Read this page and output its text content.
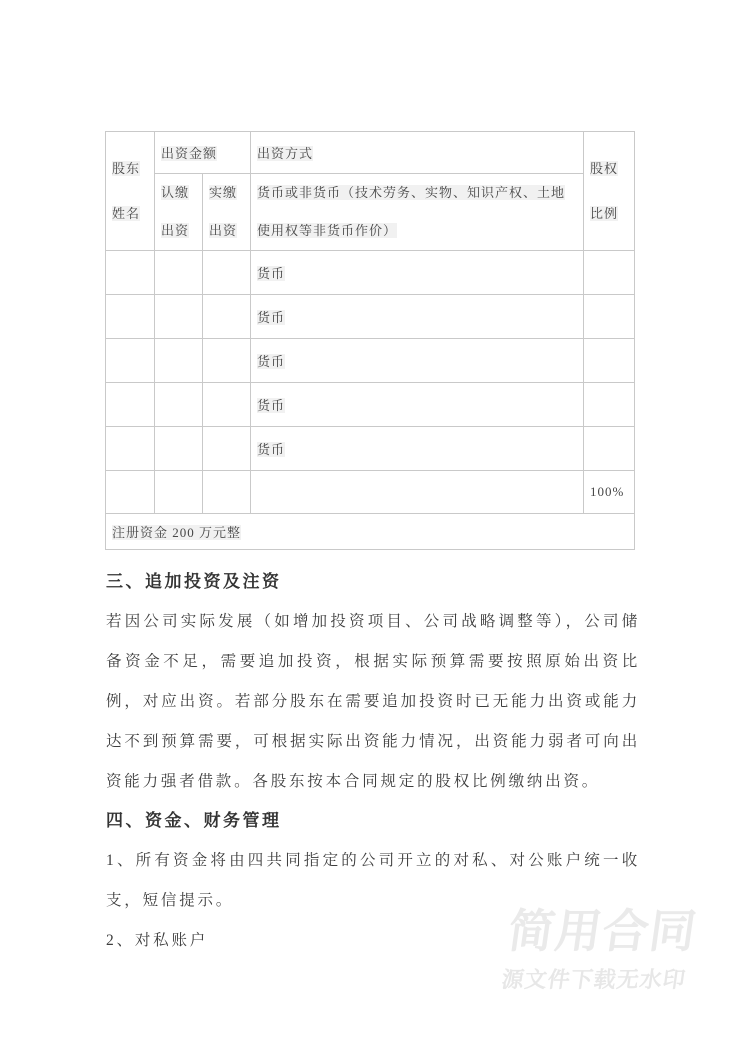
股东姓名	出资金额		出资方式	股权比例
	认缴出资	实缴出资	货币或非货币（技术劳务、实物、知识产权、土地使用权等非货币作价）	
			货币	
			货币	
			货币	
			货币	
			货币	
				100%
注册资金 200 万元整				
三、追加投资及注资

若因公司实际发展（如增加投资项目、公司战略调整等），公司储备资金不足，需要追加投资，根据实际预算需要按照原始出资比例，对应出资。若部分股东在需要追加投资时已无能力出资或能力达不到预算需要，可根据实际出资能力情况，出资能力弱者可向出资能力强者借款。各股东按本合同规定的股权比例缴纳出资。

四、资金、财务管理

1、所有资金将由四共同指定的公司开立的对私、对公账户统一收支，短信提示。

2、对私账户	简用合同
源文件下载无水印
